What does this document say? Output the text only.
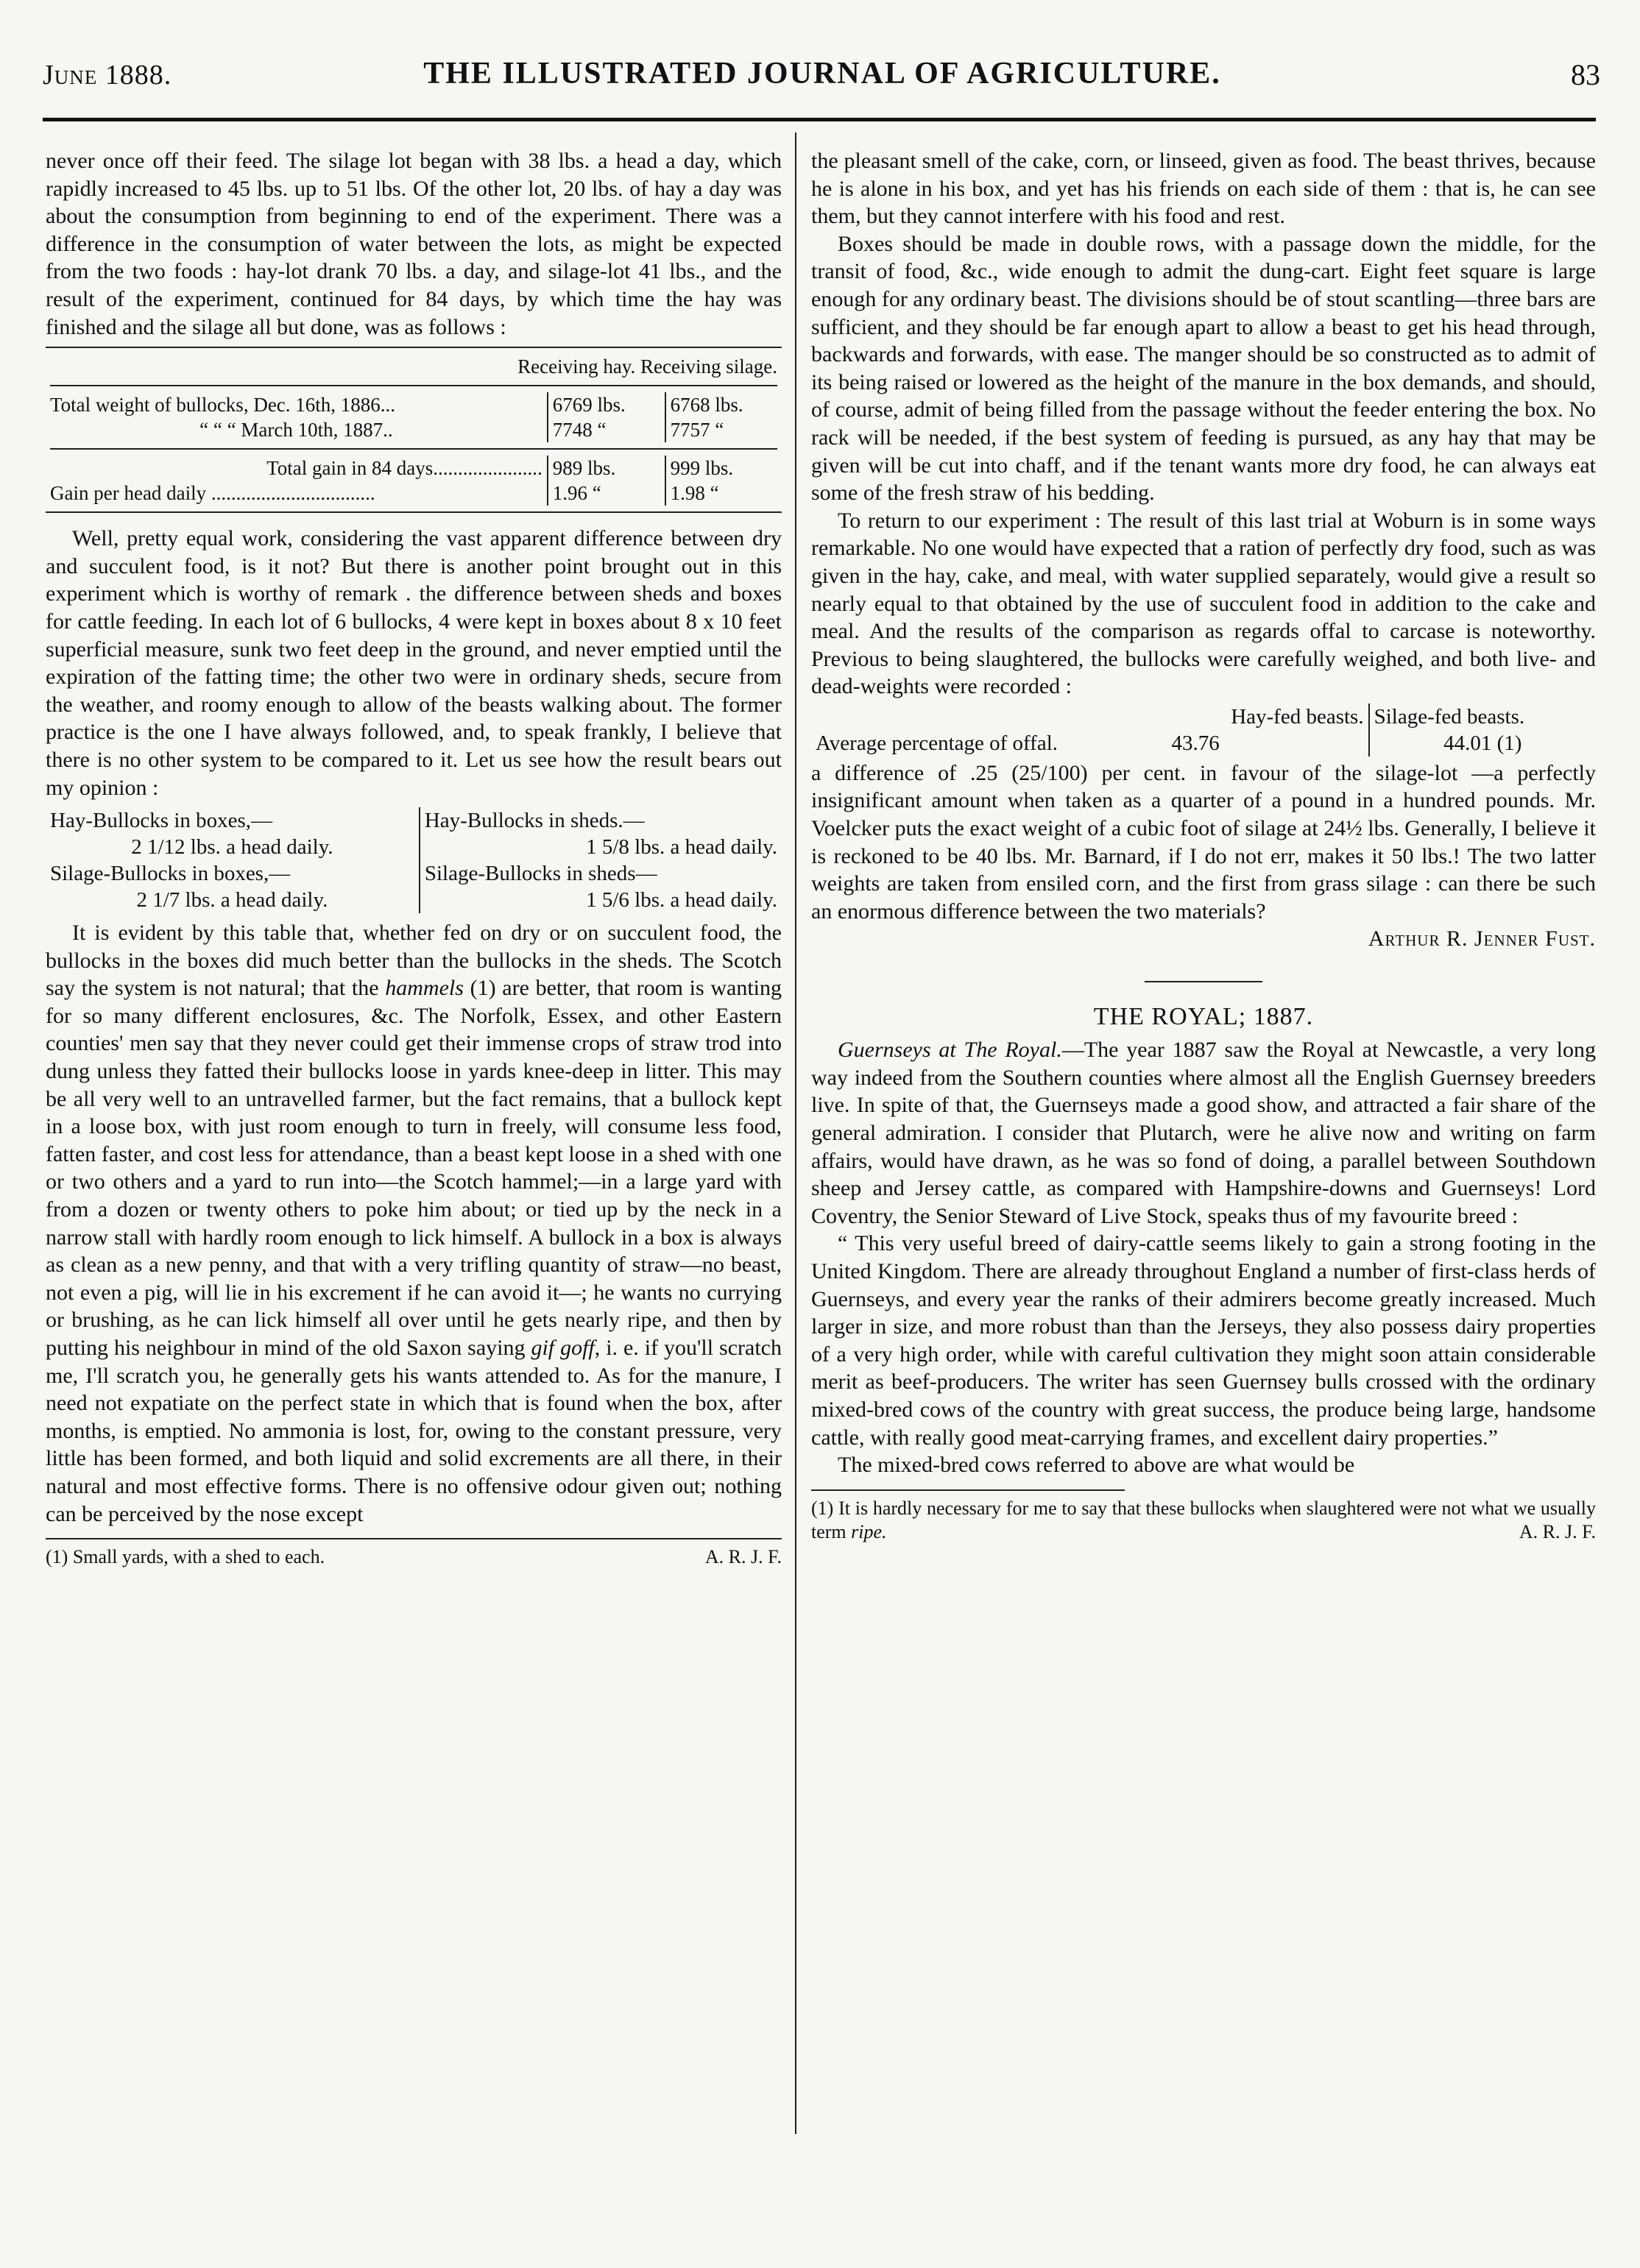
June 1888.	THE ILLUSTRATED JOURNAL OF AGRICULTURE.	83

never once off their feed. The silage lot began with 38 lbs. a head a day, which rapidly increased to 45 lbs. up to 51 lbs. Of the other lot, 20 lbs. of hay a day was about the consumption from beginning to end of the experiment. There was a difference in the consumption of water between the lots, as might be expected from the two foods : hay-lot drank 70 lbs. a day, and silage-lot 41 lbs., and the result of the experiment, continued for 84 days, by which time the hay was finished and the silage all but done, was as follows :

Receiving hay. Receiving silage.		

Total weight of bullocks, Dec. 16th, 1886...	6769 lbs.	6768 lbs.
“ “ “ March 10th, 1887..	7748 “	7757 “

Total gain in 84 days......................	989 lbs.	999 lbs.
Gain per head daily .................................	1.96 “	1.98 “

Well, pretty equal work, considering the vast apparent difference between dry and succulent food, is it not? But there is another point brought out in this experiment which is worthy of remark . the difference between sheds and boxes for cattle feeding. In each lot of 6 bullocks, 4 were kept in boxes about 8 x 10 feet superficial measure, sunk two feet deep in the ground, and never emptied until the expiration of the fatting time; the other two were in ordinary sheds, secure from the weather, and roomy enough to allow of the beasts walking about. The former practice is the one I have always followed, and, to speak frankly, I believe that there is no other system to be compared to it. Let us see how the result bears out my opinion :

Hay-Bullocks in boxes,—	Hay-Bullocks in sheds.—
2 1/12 lbs. a head daily.	1 5/8 lbs. a head daily.
Silage-Bullocks in boxes,—	Silage-Bullocks in sheds—
2 1/7 lbs. a head daily.	1 5/6 lbs. a head daily.

It is evident by this table that, whether fed on dry or on succulent food, the bullocks in the boxes did much better than the bullocks in the sheds. The Scotch say the system is not natural; that the hammels (1) are better, that room is wanting for so many different enclosures, &c. The Norfolk, Essex, and other Eastern counties' men say that they never could get their immense crops of straw trod into dung unless they fatted their bullocks loose in yards knee-deep in litter. This may be all very well to an untravelled farmer, but the fact remains, that a bullock kept in a loose box, with just room enough to turn in freely, will consume less food, fatten faster, and cost less for attendance, than a beast kept loose in a shed with one or two others and a yard to run into—the Scotch hammel;—in a large yard with from a dozen or twenty others to poke him about; or tied up by the neck in a narrow stall with hardly room enough to lick himself. A bullock in a box is always as clean as a new penny, and that with a very trifling quantity of straw—no beast, not even a pig, will lie in his excrement if he can avoid it—; he wants no currying or brushing, as he can lick himself all over until he gets nearly ripe, and then by putting his neighbour in mind of the old Saxon saying gif goff, i. e. if you'll scratch me, I'll scratch you, he generally gets his wants attended to. As for the manure, I need not expatiate on the perfect state in which that is found when the box, after months, is emptied. No ammonia is lost, for, owing to the constant pressure, very little has been formed, and both liquid and solid excrements are all there, in their natural and most effective forms. There is no offensive odour given out; nothing can be perceived by the nose except

(1) Small yards, with a shed to each.	A. R. J. F.

the pleasant smell of the cake, corn, or linseed, given as food. The beast thrives, because he is alone in his box, and yet has his friends on each side of them : that is, he can see them, but they cannot interfere with his food and rest.

Boxes should be made in double rows, with a passage down the middle, for the transit of food, &c., wide enough to admit the dung-cart. Eight feet square is large enough for any ordinary beast. The divisions should be of stout scantling—three bars are sufficient, and they should be far enough apart to allow a beast to get his head through, backwards and forwards, with ease. The manger should be so constructed as to admit of its being raised or lowered as the height of the manure in the box demands, and should, of course, admit of being filled from the passage without the feeder entering the box. No rack will be needed, if the best system of feeding is pursued, as any hay that may be given will be cut into chaff, and if the tenant wants more dry food, he can always eat some of the fresh straw of his bedding.

To return to our experiment : The result of this last trial at Woburn is in some ways remarkable. No one would have expected that a ration of perfectly dry food, such as was given in the hay, cake, and meal, with water supplied separately, would give a result so nearly equal to that obtained by the use of succulent food in addition to the cake and meal. And the results of the comparison as regards offal to carcase is noteworthy. Previous to being slaughtered, the bullocks were carefully weighed, and both live- and dead-weights were recorded :

	Hay-fed beasts.	Silage-fed beasts.
Average percentage of offal.	43.76	44.01 (1)

a difference of .25 (25/100) per cent. in favour of the silage-lot —a perfectly insignificant amount when taken as a quarter of a pound in a hundred pounds. Mr. Voelcker puts the exact weight of a cubic foot of silage at 24½ lbs. Generally, I believe it is reckoned to be 40 lbs. Mr. Barnard, if I do not err, makes it 50 lbs.! The two latter weights are taken from ensiled corn, and the first from grass silage : can there be such an enormous difference between the two materials?

Arthur R. Jenner Fust.
THE ROYAL; 1887.

Guernseys at The Royal.—The year 1887 saw the Royal at Newcastle, a very long way indeed from the Southern counties where almost all the English Guernsey breeders live. In spite of that, the Guernseys made a good show, and attracted a fair share of the general admiration. I consider that Plutarch, were he alive now and writing on farm affairs, would have drawn, as he was so fond of doing, a parallel between Southdown sheep and Jersey cattle, as compared with Hampshire-downs and Guernseys! Lord Coventry, the Senior Steward of Live Stock, speaks thus of my favourite breed :

“ This very useful breed of dairy-cattle seems likely to gain a strong footing in the United Kingdom. There are already throughout England a number of first-class herds of Guernseys, and every year the ranks of their admirers become greatly increased. Much larger in size, and more robust than than the Jerseys, they also possess dairy properties of a very high order, while with careful cultivation they might soon attain considerable merit as beef-producers. The writer has seen Guernsey bulls crossed with the ordinary mixed-bred cows of the country with great success, the produce being large, handsome cattle, with really good meat-carrying frames, and excellent dairy properties.”

The mixed-bred cows referred to above are what would be

(1) It is hardly necessary for me to say that these bullocks when slaughtered were not what we usually term ripe.	A. R. J. F.
